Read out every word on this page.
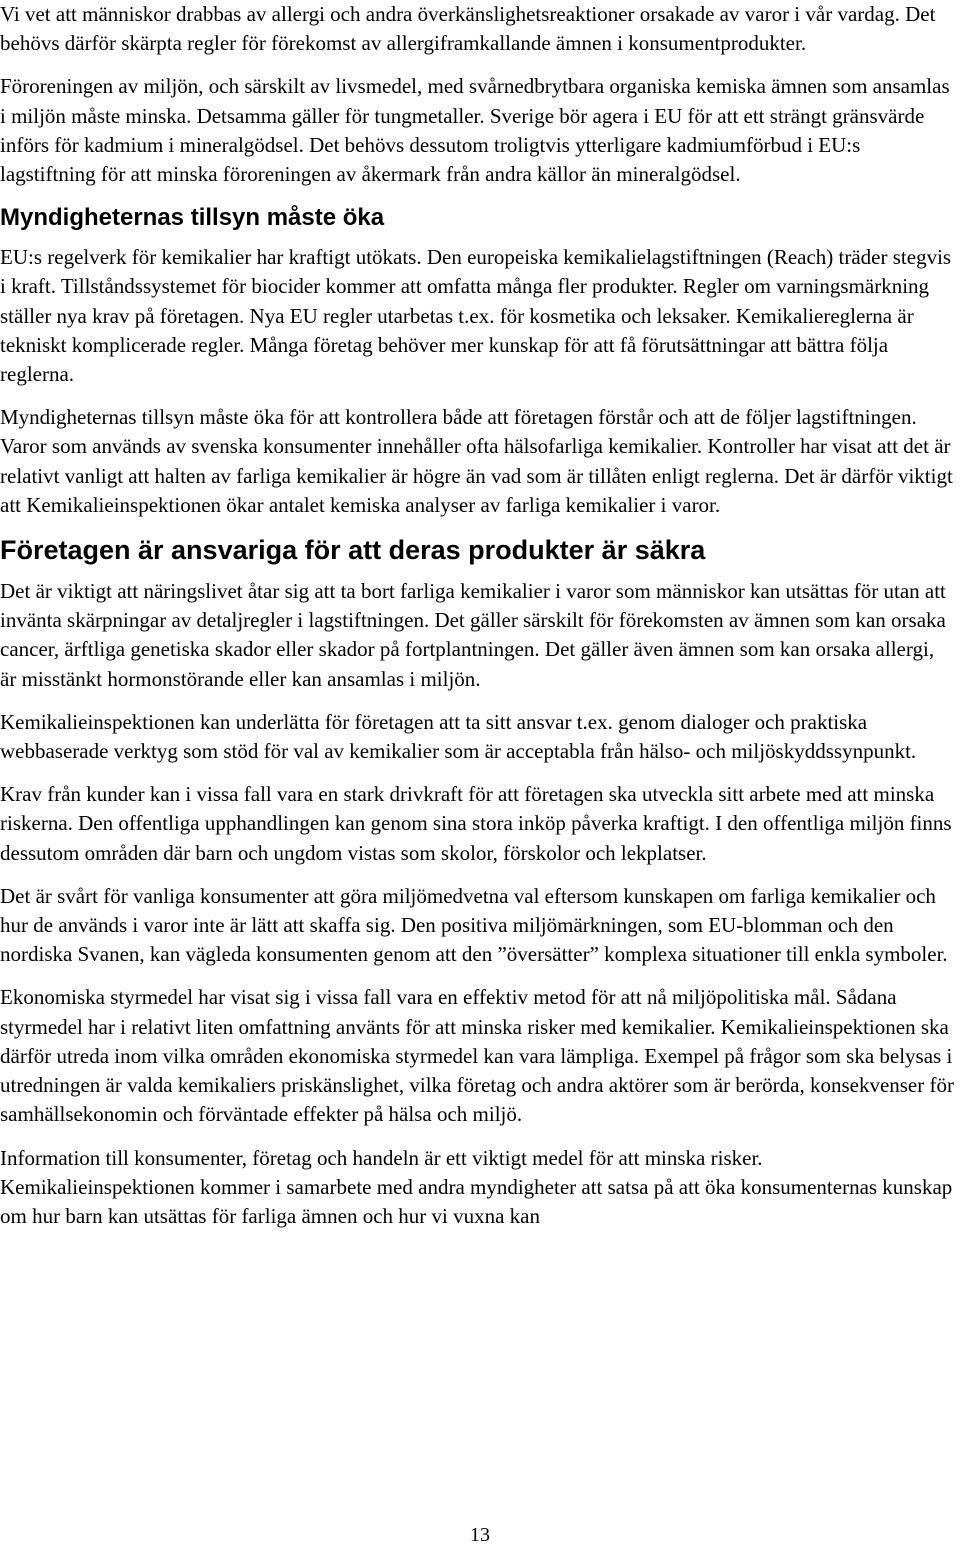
Vi vet att människor drabbas av allergi och andra överkänslighetsreaktioner orsakade av varor i vår vardag. Det behövs därför skärpta regler för förekomst av allergiframkallande ämnen i konsumentprodukter.

Föroreningen av miljön, och särskilt av livsmedel, med svårnedbrytbara organiska kemiska ämnen som ansamlas i miljön måste minska. Detsamma gäller för tungmetaller. Sverige bör agera i EU för att ett strängt gränsvärde införs för kadmium i mineralgödsel. Det behövs dessutom troligtvis ytterligare kadmiumförbud i EU:s lagstiftning för att minska föroreningen av åkermark från andra källor än mineralgödsel.

Myndigheternas tillsyn måste öka

EU:s regelverk för kemikalier har kraftigt utökats. Den europeiska kemikalielagstiftningen (Reach) träder stegvis i kraft. Tillståndssystemet för biocider kommer att omfatta många fler produkter. Regler om varningsmärkning ställer nya krav på företagen. Nya EU regler utarbetas t.ex. för kosmetika och leksaker. Kemikaliereglerna är tekniskt komplicerade regler. Många företag behöver mer kunskap för att få förutsättningar att bättra följa reglerna.

Myndigheternas tillsyn måste öka för att kontrollera både att företagen förstår och att de följer lagstiftningen. Varor som används av svenska konsumenter innehåller ofta hälsofarliga kemikalier. Kontroller har visat att det är relativt vanligt att halten av farliga kemikalier är högre än vad som är tillåten enligt reglerna. Det är därför viktigt att Kemikalieinspektionen ökar antalet kemiska analyser av farliga kemikalier i varor.

Företagen är ansvariga för att deras produkter är säkra

Det är viktigt att näringslivet åtar sig att ta bort farliga kemikalier i varor som människor kan utsättas för utan att invänta skärpningar av detaljregler i lagstiftningen. Det gäller särskilt för förekomsten av ämnen som kan orsaka cancer, ärftliga genetiska skador eller skador på fortplantningen. Det gäller även ämnen som kan orsaka allergi, är misstänkt hormonstörande eller kan ansamlas i miljön.

Kemikalieinspektionen kan underlätta för företagen att ta sitt ansvar t.ex. genom dialoger och praktiska webbaserade verktyg som stöd för val av kemikalier som är acceptabla från hälso- och miljöskyddssynpunkt.

Krav från kunder kan i vissa fall vara en stark drivkraft för att företagen ska utveckla sitt arbete med att minska riskerna. Den offentliga upphandlingen kan genom sina stora inköp påverka kraftigt. I den offentliga miljön finns dessutom områden där barn och ungdom vistas som skolor, förskolor och lekplatser.

Det är svårt för vanliga konsumenter att göra miljömedvetna val eftersom kunskapen om farliga kemikalier och hur de används i varor inte är lätt att skaffa sig. Den positiva miljömärkningen, som EU-blomman och den nordiska Svanen, kan vägleda konsumenten genom att den ”översätter” komplexa situationer till enkla symboler.

Ekonomiska styrmedel har visat sig i vissa fall vara en effektiv metod för att nå miljöpolitiska mål. Sådana styrmedel har i relativt liten omfattning använts för att minska risker med kemikalier. Kemikalieinspektionen ska därför utreda inom vilka områden ekonomiska styrmedel kan vara lämpliga. Exempel på frågor som ska belysas i utredningen är valda kemikaliers priskänslighet, vilka företag och andra aktörer som är berörda, konsekvenser för samhällsekonomin och förväntade effekter på hälsa och miljö.

Information till konsumenter, företag och handeln är ett viktigt medel för att minska risker. Kemikalieinspektionen kommer i samarbete med andra myndigheter att satsa på att öka konsumenternas kunskap om hur barn kan utsättas för farliga ämnen och hur vi vuxna kan

13
